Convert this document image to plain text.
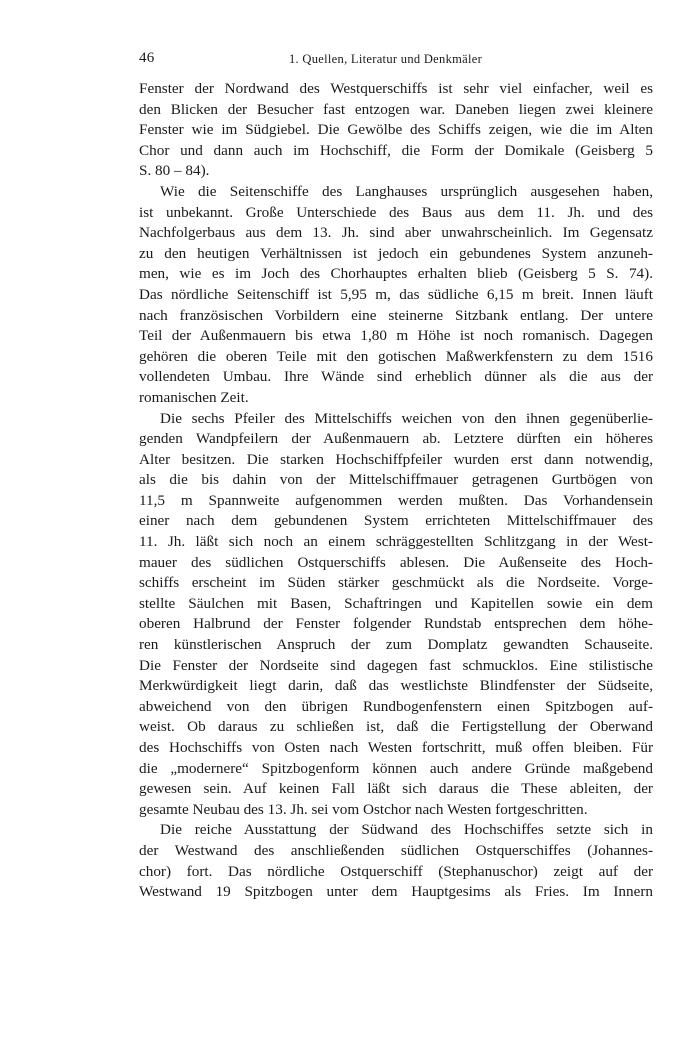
46	1. Quellen, Literatur und Denkmäler
Fenster der Nordwand des Westquerschiffs ist sehr viel einfacher, weil es
den Blicken der Besucher fast entzogen war. Daneben liegen zwei kleinere
Fenster wie im Südgiebel. Die Gewölbe des Schiffs zeigen, wie die im Alten
Chor und dann auch im Hochschiff, die Form der Domikale (Geisberg 5
S. 80 – 84).
Wie die Seitenschiffe des Langhauses ursprünglich ausgesehen haben,
ist unbekannt. Große Unterschiede des Baus aus dem 11. Jh. und des
Nachfolgerbaus aus dem 13. Jh. sind aber unwahrscheinlich. Im Gegensatz
zu den heutigen Verhältnissen ist jedoch ein gebundenes System anzuneh-
men, wie es im Joch des Chorhauptes erhalten blieb (Geisberg 5 S. 74).
Das nördliche Seitenschiff ist 5,95 m, das südliche 6,15 m breit. Innen läuft
nach französischen Vorbildern eine steinerne Sitzbank entlang. Der untere
Teil der Außenmauern bis etwa 1,80 m Höhe ist noch romanisch. Dagegen
gehören die oberen Teile mit den gotischen Maßwerkfenstern zu dem 1516
vollendeten Umbau. Ihre Wände sind erheblich dünner als die aus der
romanischen Zeit.
Die sechs Pfeiler des Mittelschiffs weichen von den ihnen gegenüberlie-
genden Wandpfeilern der Außenmauern ab. Letztere dürften ein höheres
Alter besitzen. Die starken Hochschiffpfeiler wurden erst dann notwendig,
als die bis dahin von der Mittelschiffmauer getragenen Gurtbögen von
11,5 m Spannweite aufgenommen werden mußten. Das Vorhandensein
einer nach dem gebundenen System errichteten Mittelschiffmauer des
11. Jh. läßt sich noch an einem schräggestellten Schlitzgang in der West-
mauer des südlichen Ostquerschiffs ablesen. Die Außenseite des Hoch-
schiffs erscheint im Süden stärker geschmückt als die Nordseite. Vorge-
stellte Säulchen mit Basen, Schaftringen und Kapitellen sowie ein dem
oberen Halbrund der Fenster folgender Rundstab entsprechen dem höhe-
ren künstlerischen Anspruch der zum Domplatz gewandten Schauseite.
Die Fenster der Nordseite sind dagegen fast schmucklos. Eine stilistische
Merkwürdigkeit liegt darin, daß das westlichste Blindfenster der Südseite,
abweichend von den übrigen Rundbogenfenstern einen Spitzbogen auf-
weist. Ob daraus zu schließen ist, daß die Fertigstellung der Oberwand
des Hochschiffs von Osten nach Westen fortschritt, muß offen bleiben. Für
die „modernere“ Spitzbogenform können auch andere Gründe maßgebend
gewesen sein. Auf keinen Fall läßt sich daraus die These ableiten, der
gesamte Neubau des 13. Jh. sei vom Ostchor nach Westen fortgeschritten.
Die reiche Ausstattung der Südwand des Hochschiffes setzte sich in
der Westwand des anschließenden südlichen Ostquerschiffes (Johannes-
chor) fort. Das nördliche Ostquerschiff (Stephanuschor) zeigt auf der
Westwand 19 Spitzbogen unter dem Hauptgesims als Fries. Im Innern
